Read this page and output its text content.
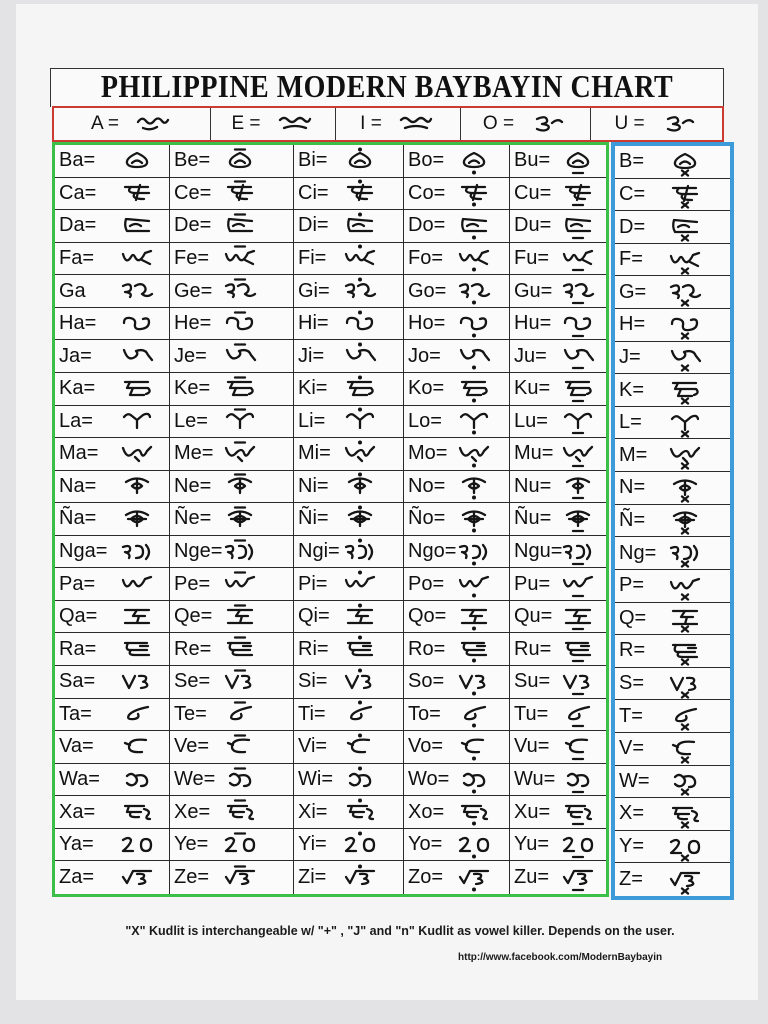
PHILIPPINE MODERN BAYBAYIN CHART
A =	E =	I =	O =	U =
Ba=	Be=	Bi=	Bo=	Bu=
Ca=	Ce=	Ci=	Co=	Cu=
Da=	De=	Di=	Do=	Du=
Fa=	Fe=	Fi=	Fo=	Fu=
Ga	Ge=	Gi=	Go=	Gu=
Ha=	He=	Hi=	Ho=	Hu=
Ja=	Je=	Ji=	Jo=	Ju=
Ka=	Ke=	Ki=	Ko=	Ku=
La=	Le=	Li=	Lo=	Lu=
Ma=	Me=	Mi=	Mo=	Mu=
Na=	Ne=	Ni=	No=	Nu=
Ña=	Ñe=	Ñi=	Ño=	Ñu=
Nga=	Nge=	Ngi=	Ngo=	Ngu=
Pa=	Pe=	Pi=	Po=	Pu=
Qa=	Qe=	Qi=	Qo=	Qu=
Ra=	Re=	Ri=	Ro=	Ru=
Sa=	Se=	Si=	So=	Su=
Ta=	Te=	Ti=	To=	Tu=
Va=	Ve=	Vi=	Vo=	Vu=
Wa=	We=	Wi=	Wo=	Wu=
Xa=	Xe=	Xi=	Xo=	Xu=
Ya=	Ye=	Yi=	Yo=	Yu=
Za=	Ze=	Zi=	Zo=	Zu=
B=
C=
D=
F=
G=
H=
J=
K=
L=
M=
N=
Ñ=
Ng=
P=
Q=
R=
S=
T=
V=
W=
X=
Y=
Z=
"X" Kudlit is interchangeable w/ "+" , "J" and "n" Kudlit as vowel killer. Depends on the user.
http://www.facebook.com/ModernBaybayin
